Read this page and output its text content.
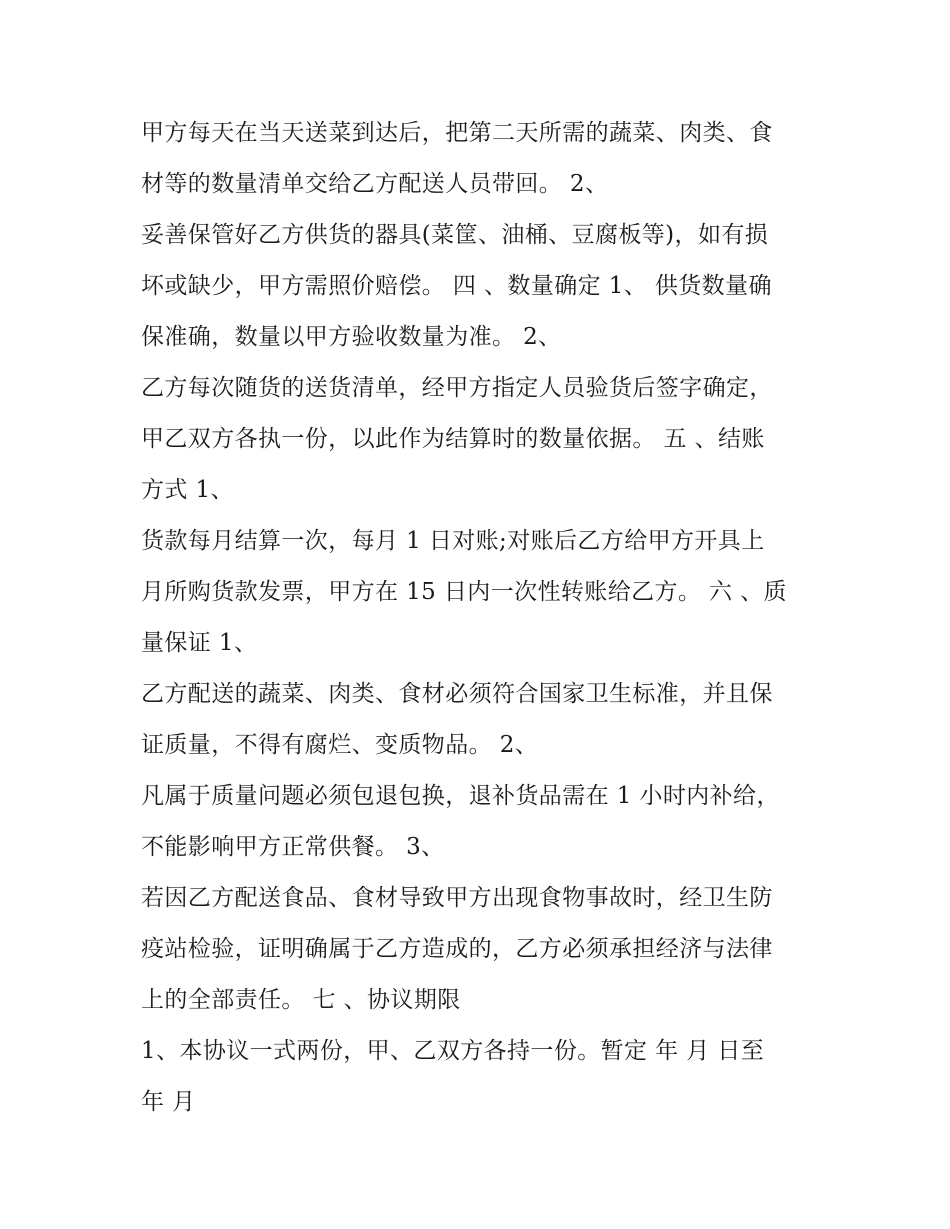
甲方每天在当天送菜到达后，把第二天所需的蔬菜、肉类、食
材等的数量清单交给乙方配送人员带回。 2、
妥善保管好乙方供货的器具(菜筐、油桶、豆腐板等)，如有损
坏或缺少，甲方需照价赔偿。 四 、数量确定 1、 供货数量确
保准确，数量以甲方验收数量为准。 2、
乙方每次随货的送货清单，经甲方指定人员验货后签字确定，
甲乙双方各执一份，以此作为结算时的数量依据。 五 、结账
方式 1、
货款每月结算一次，每月 1 日对账;对账后乙方给甲方开具上
月所购货款发票，甲方在 15 日内一次性转账给乙方。 六 、质
量保证 1、
乙方配送的蔬菜、肉类、食材必须符合国家卫生标准，并且保
证质量，不得有腐烂、变质物品。 2、
凡属于质量问题必须包退包换，退补货品需在 1 小时内补给，
不能影响甲方正常供餐。 3、
若因乙方配送食品、食材导致甲方出现食物事故时，经卫生防
疫站检验，证明确属于乙方造成的，乙方必须承担经济与法律
上的全部责任。 七 、协议期限
1、本协议一式两份，甲、乙双方各持一份。暂定 年 月 日至
年 月
